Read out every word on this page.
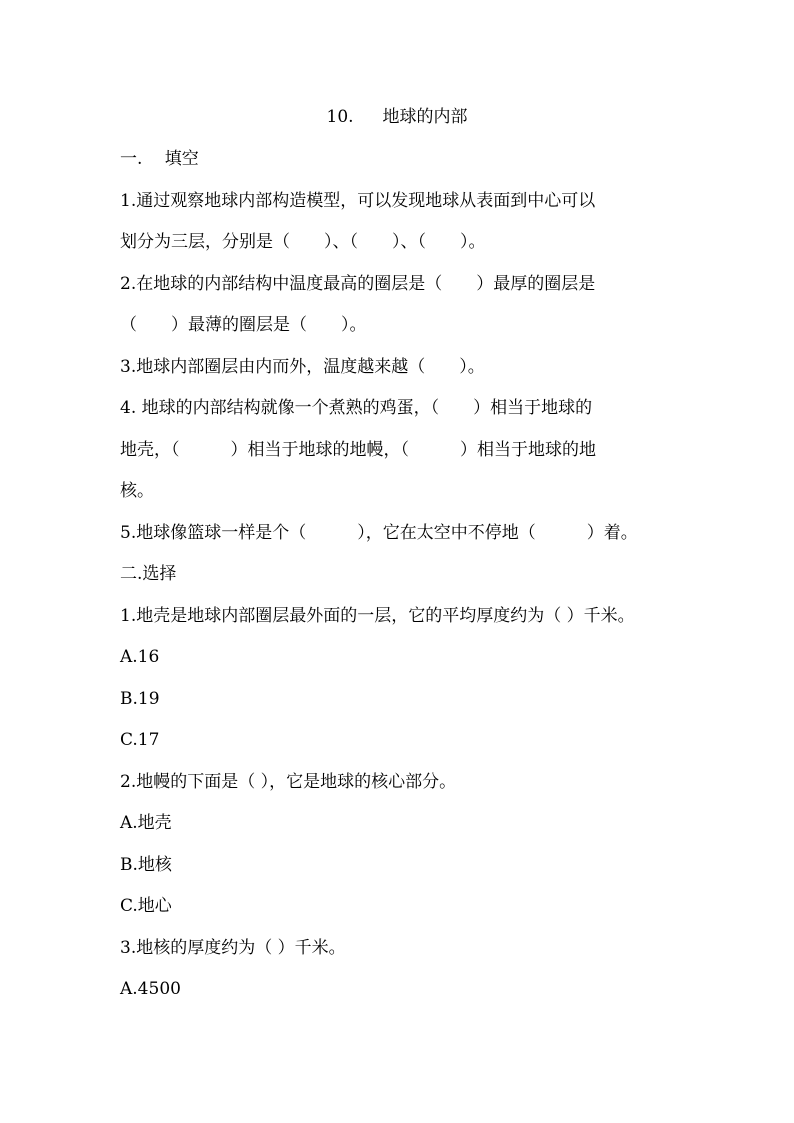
10. 地球的内部
一.　 填空
1.通过观察地球内部构造模型，可以发现地球从表面到中心可以
划分为三层，分别是（　　）、（　　）、（　　）。
2.在地球的内部结构中温度最高的圈层是（　　）最厚的圈层是
（　　）最薄的圈层是（　　）。
3.地球内部圈层由内而外，温度越来越（　　）。
4. 地球的内部结构就像一个煮熟的鸡蛋，（　　）相当于地球的
地壳，（　　　）相当于地球的地幔，（　　　）相当于地球的地
核。
5.地球像篮球一样是个（　　　），它在太空中不停地（　　　）着。
二.选择
1.地壳是地球内部圈层最外面的一层，它的平均厚度约为（ ）千米。
A.16
B.19
C.17
2.地幔的下面是（ ），它是地球的核心部分。
A.地壳
B.地核
C.地心
3.地核的厚度约为（ ）千米。
A.4500
